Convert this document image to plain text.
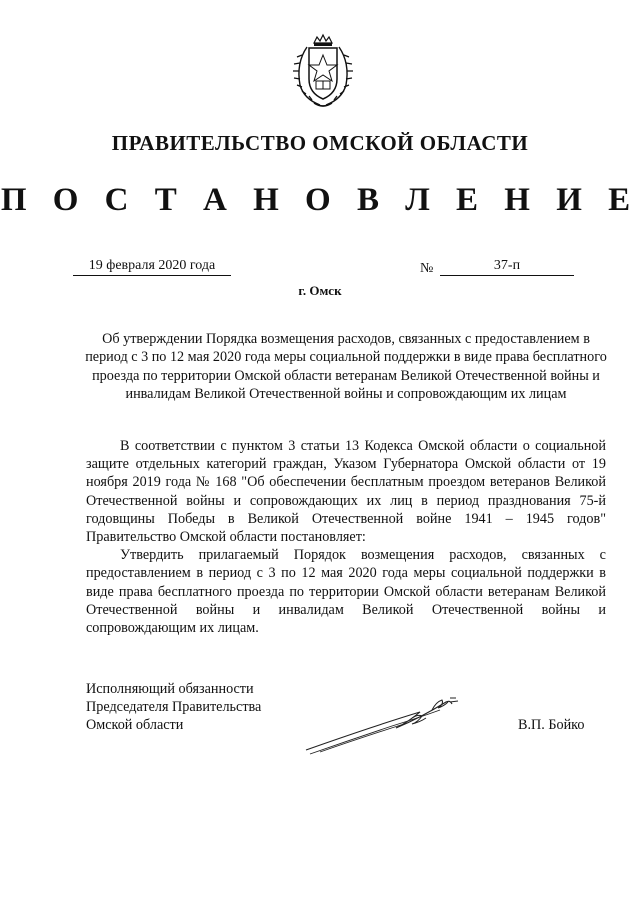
ПРАВИТЕЛЬСТВО ОМСКОЙ ОБЛАСТИ
П О С Т А Н О В Л Е Н И Е
19 февраля 2020 года	№	37-п
г. Омск
Об утверждении Порядка возмещения расходов, связанных с предоставлением в период с 3 по 12 мая 2020 года меры социальной поддержки в виде права бесплатного проезда по территории Омской области ветеранам Великой Отечественной войны и инвалидам Великой Отечественной войны и сопровождающим их лицам

В соответствии с пунктом 3 статьи 13 Кодекса Омской области о социальной защите отдельных категорий граждан, Указом Губернатора Омской области от 19 ноября 2019 года № 168 "Об обеспечении бесплатным проездом ветеранов Великой Отечественной войны и сопровождающих их лиц в период празднования 75-й годовщины Победы в Великой Отечественной войне 1941 – 1945 годов" Правительство Омской области постановляет:

Утвердить прилагаемый Порядок возмещения расходов, связанных с предоставлением в период с 3 по 12 мая 2020 года меры социальной поддержки в виде права бесплатного проезда по территории Омской области ветеранам Великой Отечественной войны и инвалидам Великой Отечественной войны и сопровождающим их лицам.

Исполняющий обязанности
Председателя Правительства
Омской области	В.П. Бойко
